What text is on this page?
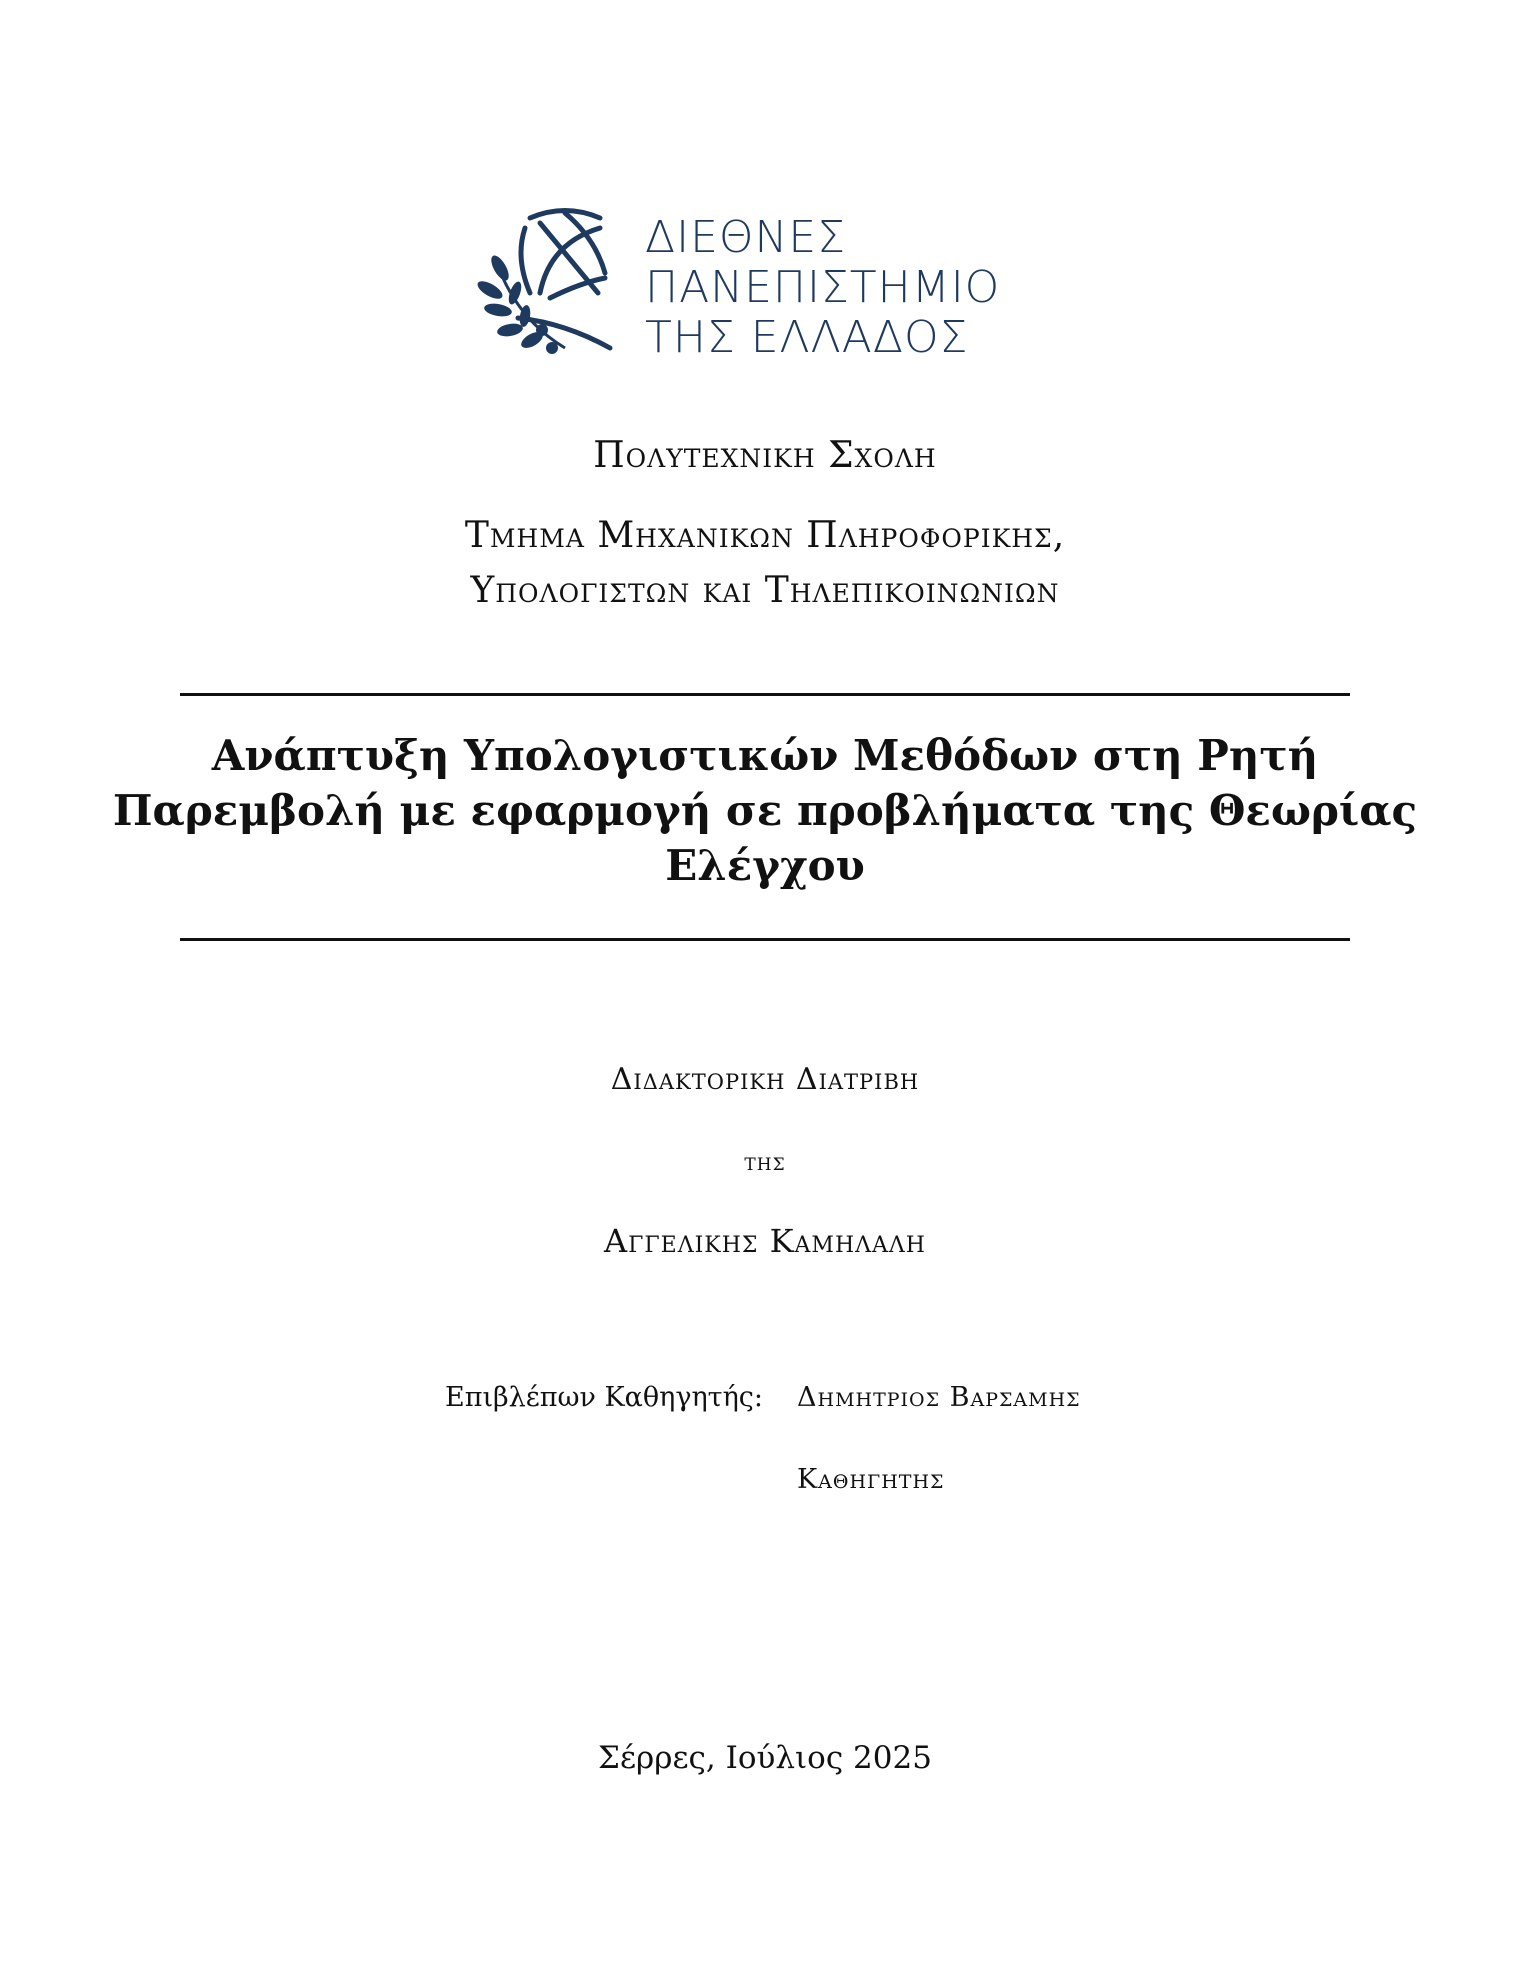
ΔΙΕΘΝΕΣ
ΠΑΝΕΠΙΣΤΗΜΙΟ
ΤΗΣ ΕΛΛΑΔΟΣ
Πολυτεχνικη Σχολη
Τμημα Μηχανικων Πληροφορικης,
Υπολογιστων και Τηλεπικοινωνιων
Ανάπτυξη Υπολογιστικών Μεθόδων στη Ρητή
Παρεμβολή με εφαρμογή σε προβλήματα της Θεωρίας
Ελέγχου
Διδακτορικη Διατριβη
της
Αγγελικης Καμηλαλη
Επιβλέπων Καθηγητής: Δημητριος Βαρσαμης
Καθηγητης
Σέρρες, Ιούλιος 2025
